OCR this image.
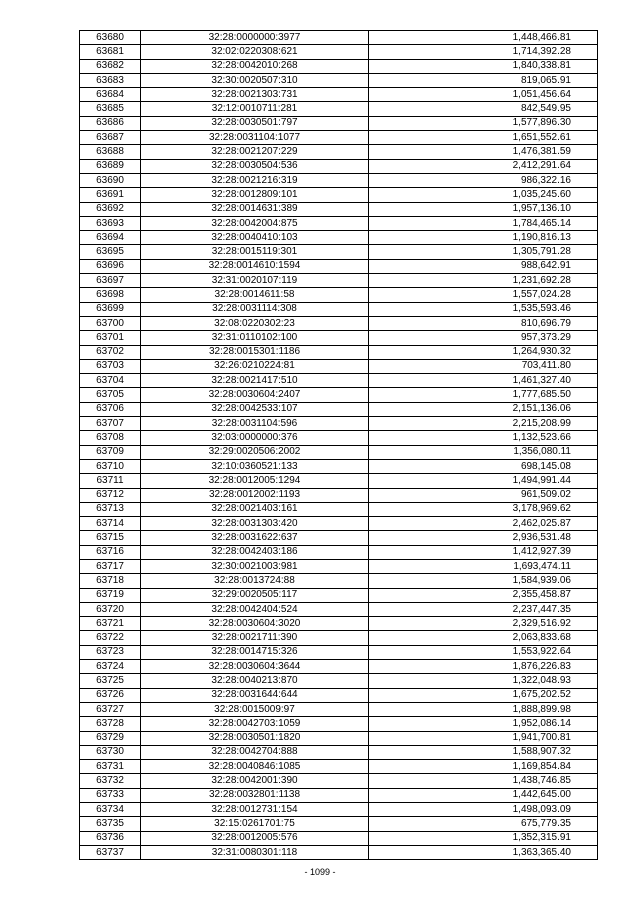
63680	32:28:0000000:3977	1,448,466.81
63681	32:02:0220308:621	1,714,392.28
63682	32:28:0042010:268	1,840,338.81
63683	32:30:0020507:310	819,065.91
63684	32:28:0021303:731	1,051,456.64
63685	32:12:0010711:281	842,549.95
63686	32:28:0030501:797	1,577,896.30
63687	32:28:0031104:1077	1,651,552.61
63688	32:28:0021207:229	1,476,381.59
63689	32:28:0030504:536	2,412,291.64
63690	32:28:0021216:319	986,322.16
63691	32:28:0012809:101	1,035,245.60
63692	32:28:0014631:389	1,957,136.10
63693	32:28:0042004:875	1,784,465.14
63694	32:28:0040410:103	1,190,816.13
63695	32:28:0015119:301	1,305,791.28
63696	32:28:0014610:1594	988,642.91
63697	32:31:0020107:119	1,231,692.28
63698	32:28:0014611:58	1,557,024.28
63699	32:28:0031114:308	1,535,593.46
63700	32:08:0220302:23	810,696.79
63701	32:31:0110102:100	957,373.29
63702	32:28:0015301:1186	1,264,930.32
63703	32:26:0210224:81	703,411.80
63704	32:28:0021417:510	1,461,327.40
63705	32:28:0030604:2407	1,777,685.50
63706	32:28:0042533:107	2,151,136.06
63707	32:28:0031104:596	2,215,208.99
63708	32:03:0000000:376	1,132,523.66
63709	32:29:0020506:2002	1,356,080.11
63710	32:10:0360521:133	698,145.08
63711	32:28:0012005:1294	1,494,991.44
63712	32:28:0012002:1193	961,509.02
63713	32:28:0021403:161	3,178,969.62
63714	32:28:0031303:420	2,462,025.87
63715	32:28:0031622:637	2,936,531.48
63716	32:28:0042403:186	1,412,927.39
63717	32:30:0021003:981	1,693,474.11
63718	32:28:0013724:88	1,584,939.06
63719	32:29:0020505:117	2,355,458.87
63720	32:28:0042404:524	2,237,447.35
63721	32:28:0030604:3020	2,329,516.92
63722	32:28:0021711:390	2,063,833.68
63723	32:28:0014715:326	1,553,922.64
63724	32:28:0030604:3644	1,876,226.83
63725	32:28:0040213:870	1,322,048.93
63726	32:28:0031644:644	1,675,202.52
63727	32:28:0015009:97	1,888,899.98
63728	32:28:0042703:1059	1,952,086.14
63729	32:28:0030501:1820	1,941,700.81
63730	32:28:0042704:888	1,588,907.32
63731	32:28:0040846:1085	1,169,854.84
63732	32:28:0042001:390	1,438,746.85
63733	32:28:0032801:1138	1,442,645.00
63734	32:28:0012731:154	1,498,093.09
63735	32:15:0261701:75	675,779.35
63736	32:28:0012005:576	1,352,315.91
63737	32:31:0080301:118	1,363,365.40
- 1099 -
